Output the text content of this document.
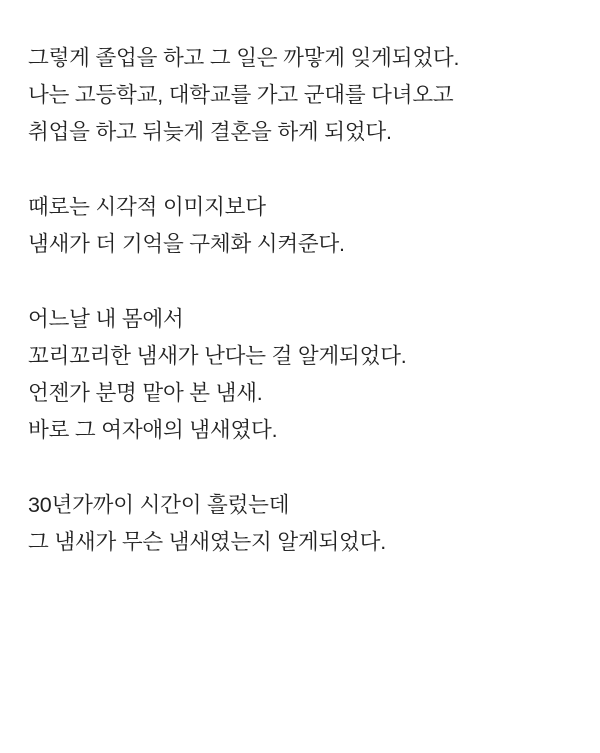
그렇게 졸업을 하고 그 일은 까맣게 잊게되었다.
나는 고등학교, 대학교를 가고 군대를 다녀오고
취업을 하고 뒤늦게 결혼을 하게 되었다.
때로는 시각적 이미지보다
냄새가 더 기억을 구체화 시켜준다.
어느날 내 몸에서
꼬리꼬리한 냄새가 난다는 걸 알게되었다.
언젠가 분명 맡아 본 냄새.
바로 그 여자애의 냄새였다.
30년가까이 시간이 흘렀는데
그 냄새가 무슨 냄새였는지 알게되었다.
